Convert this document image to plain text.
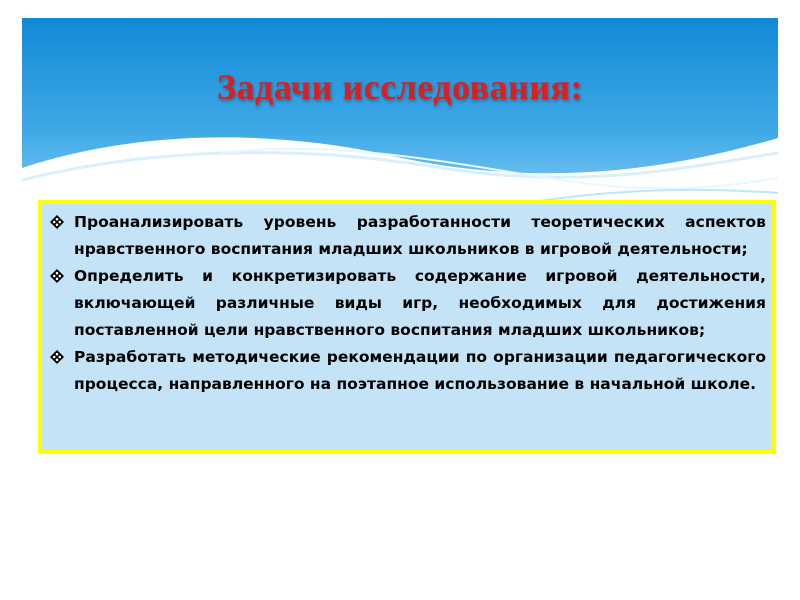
Задачи исследования:
Проанализировать уровень разработанности теоретических аспектов нравственного воспитания младших школьников в игровой деятельности;
Определить и конкретизировать содержание игровой деятельности, включающей различные виды игр, необходимых для достижения поставленной цели нравственного воспитания младших школьников;
Разработать методические рекомендации по организации педагогического процесса, направленного на поэтапное использование в начальной школе.
